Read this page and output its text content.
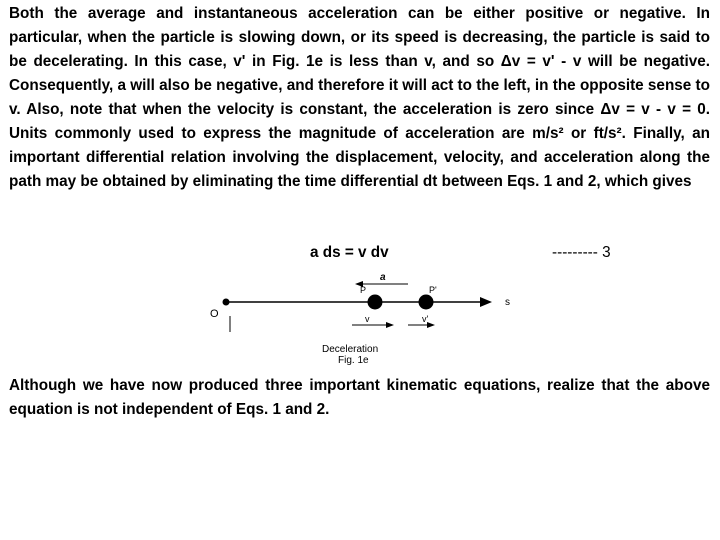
Both the average and instantaneous acceleration can be either positive or negative. In particular, when the particle is slowing down, or its speed is decreasing, the particle is said to be decelerating. In this case, v' in Fig. 1e is less than v, and so Δv = v' - v will be negative. Consequently, a will also be negative, and therefore it will act to the left, in the opposite sense to v. Also, note that when the velocity is constant, the acceleration is zero since Δv = v - v = 0. Units commonly used to express the magnitude of acceleration are m/s² or ft/s². Finally, an important differential relation involving the displacement, velocity, and acceleration along the path may be obtained by eliminating the time differential dt between Eqs. 1 and 2, which gives

a ds = v dv	--------- 3
O
P	P'
s
a
v	v'
Deceleration
Fig. 1e

Although we have now produced three important kinematic equations, realize that the above equation is not independent of Eqs. 1 and 2.
